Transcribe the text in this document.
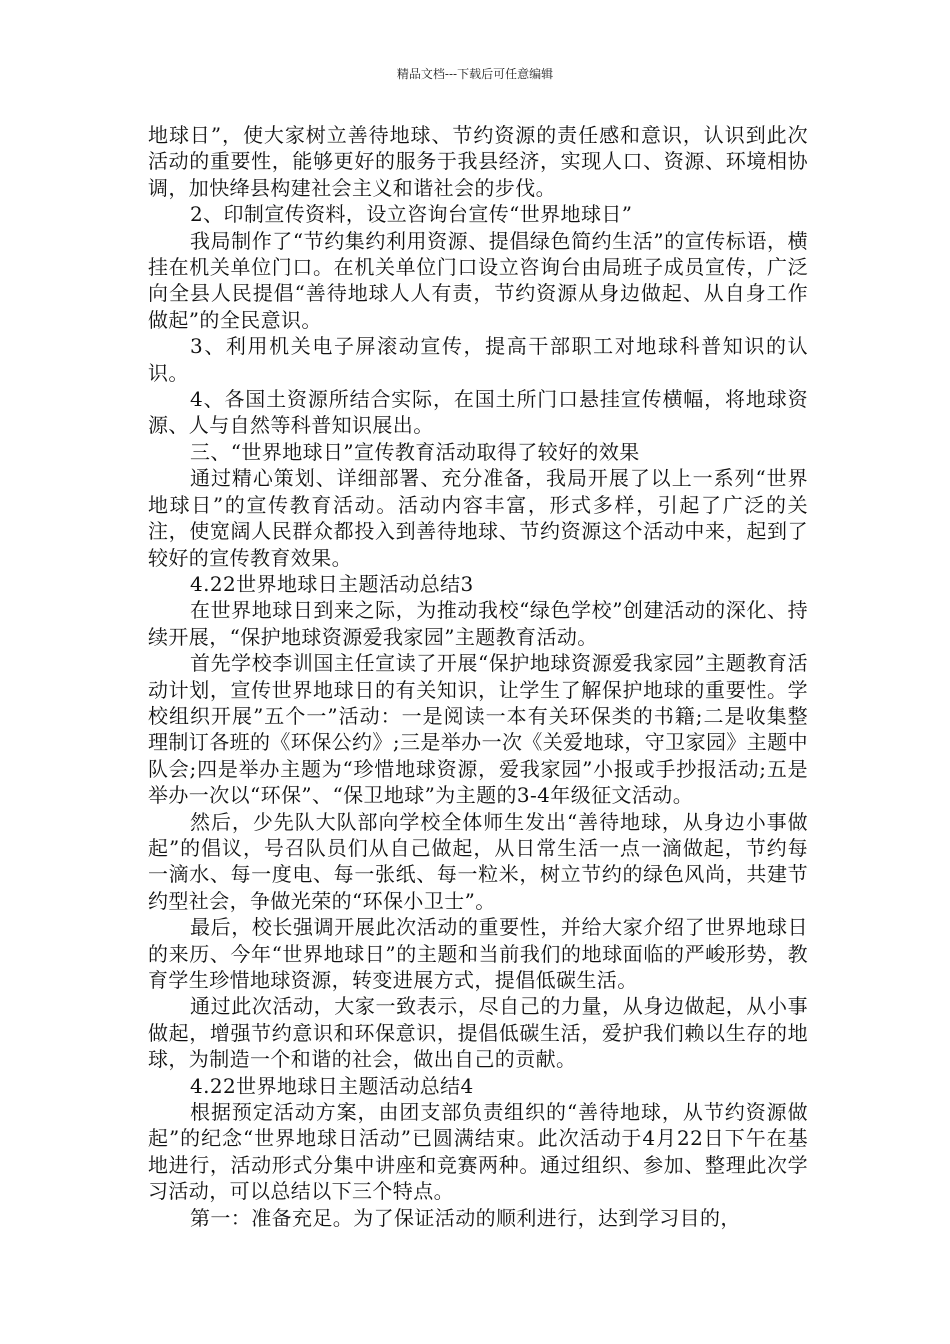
精品文档---下载后可任意编辑

地球日”，使大家树立善待地球、节约资源的责任感和意识，认识到此次活动的重要性，能够更好的服务于我县经济，实现人口、资源、环境相协调，加快绛县构建社会主义和谐社会的步伐。

2、印制宣传资料，设立咨询台宣传“世界地球日”

我局制作了“节约集约利用资源、提倡绿色简约生活”的宣传标语，横挂在机关单位门口。在机关单位门口设立咨询台由局班子成员宣传，广泛向全县人民提倡“善待地球人人有责，节约资源从身边做起、从自身工作做起”的全民意识。

3、利用机关电子屏滚动宣传，提高干部职工对地球科普知识的认识。

4、各国土资源所结合实际，在国土所门口悬挂宣传横幅，将地球资源、人与自然等科普知识展出。

三、“世界地球日”宣传教育活动取得了较好的效果

通过精心策划、详细部署、充分准备，我局开展了以上一系列“世界地球日”的宣传教育活动。活动内容丰富，形式多样，引起了广泛的关注，使宽阔人民群众都投入到善待地球、节约资源这个活动中来，起到了较好的宣传教育效果。

4.22世界地球日主题活动总结3

在世界地球日到来之际，为推动我校“绿色学校”创建活动的深化、持续开展，“保护地球资源爱我家园”主题教育活动。

首先学校李训国主任宣读了开展“保护地球资源爱我家园”主题教育活动计划，宣传世界地球日的有关知识，让学生了解保护地球的重要性。学校组织开展”五个一”活动：一是阅读一本有关环保类的书籍;二是收集整理制订各班的《环保公约》;三是举办一次《关爱地球，守卫家园》主题中队会;四是举办主题为“珍惜地球资源，爱我家园”小报或手抄报活动;五是举办一次以“环保”、“保卫地球”为主题的3-4年级征文活动。

然后，少先队大队部向学校全体师生发出“善待地球，从身边小事做起”的倡议，号召队员们从自己做起，从日常生活一点一滴做起，节约每一滴水、每一度电、每一张纸、每一粒米，树立节约的绿色风尚，共建节约型社会，争做光荣的“环保小卫士”。

最后，校长强调开展此次活动的重要性，并给大家介绍了世界地球日的来历、今年“世界地球日”的主题和当前我们的地球面临的严峻形势，教育学生珍惜地球资源，转变进展方式，提倡低碳生活。

通过此次活动，大家一致表示，尽自己的力量，从身边做起，从小事做起，增强节约意识和环保意识，提倡低碳生活，爱护我们赖以生存的地球，为制造一个和谐的社会，做出自己的贡献。

4.22世界地球日主题活动总结4

根据预定活动方案，由团支部负责组织的“善待地球，从节约资源做起”的纪念“世界地球日活动”已圆满结束。此次活动于4月22日下午在基地进行，活动形式分集中讲座和竞赛两种。通过组织、参加、整理此次学习活动，可以总结以下三个特点。

第一：准备充足。为了保证活动的顺利进行，达到学习目的，
